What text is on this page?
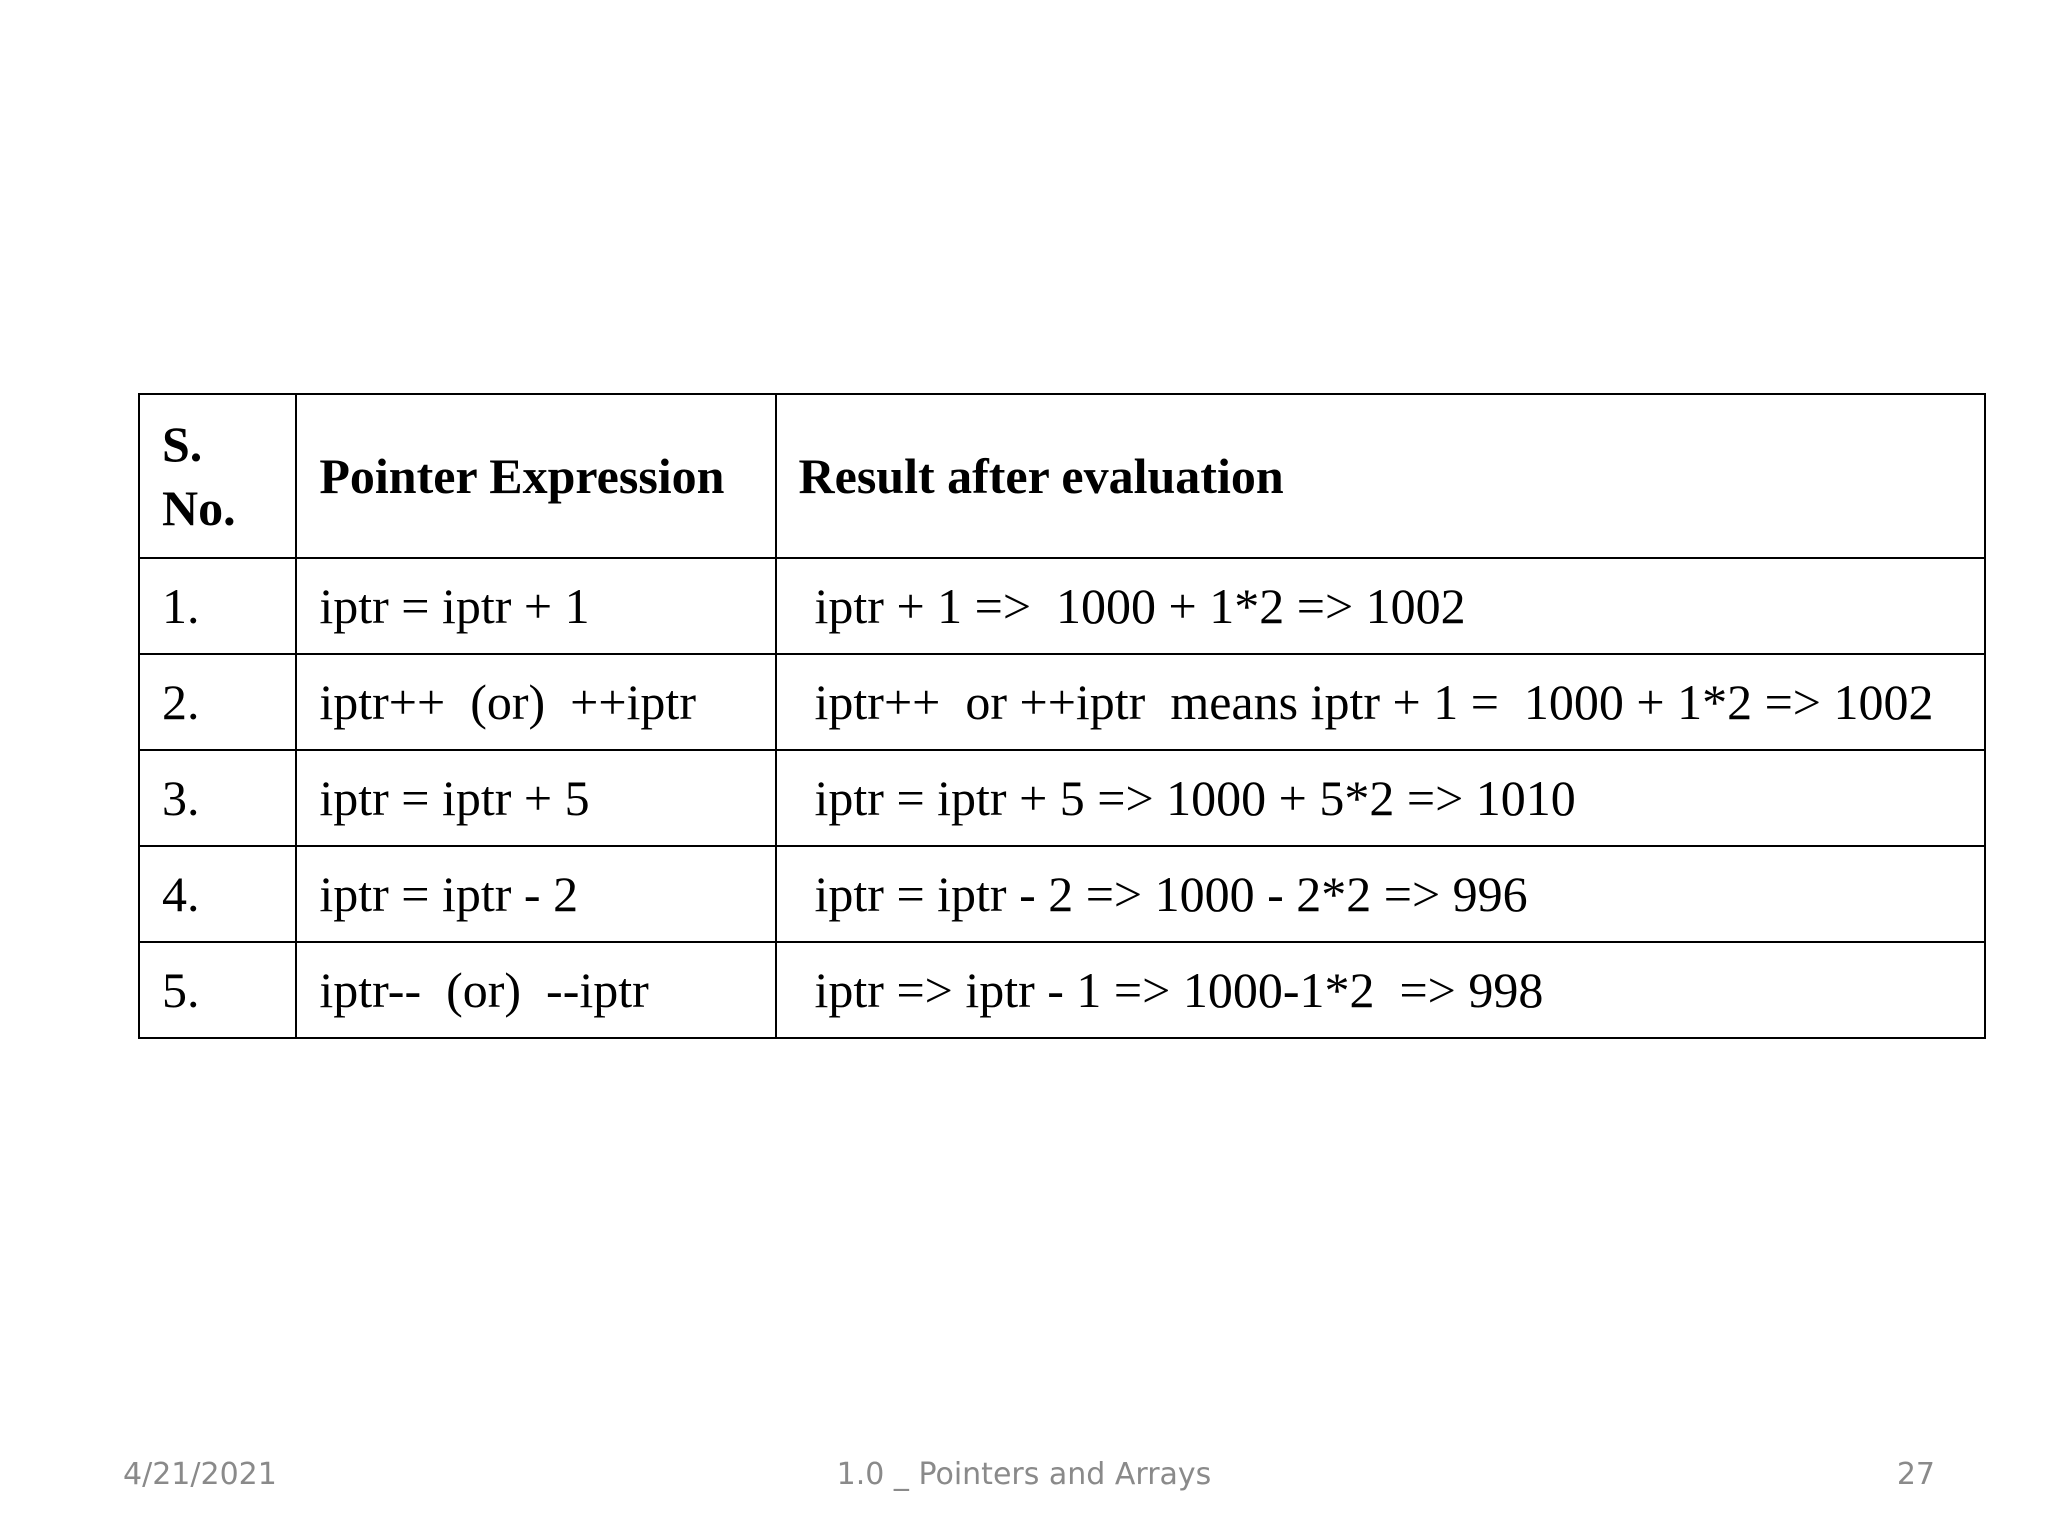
S.
No.	Pointer Expression	Result after evaluation
1.	iptr = iptr + 1	iptr + 1 =>  1000 + 1*2 => 1002
2.	iptr++  (or)  ++iptr	iptr++  or ++iptr  means iptr + 1 =  1000 + 1*2 => 1002
3.	iptr = iptr + 5	iptr = iptr + 5 => 1000 + 5*2 => 1010
4.	iptr = iptr - 2	iptr = iptr - 2 => 1000 - 2*2 => 996
5.	iptr--  (or)  --iptr	iptr => iptr - 1 => 1000-1*2  => 998
4/21/2021	1.0 _ Pointers and Arrays	27
